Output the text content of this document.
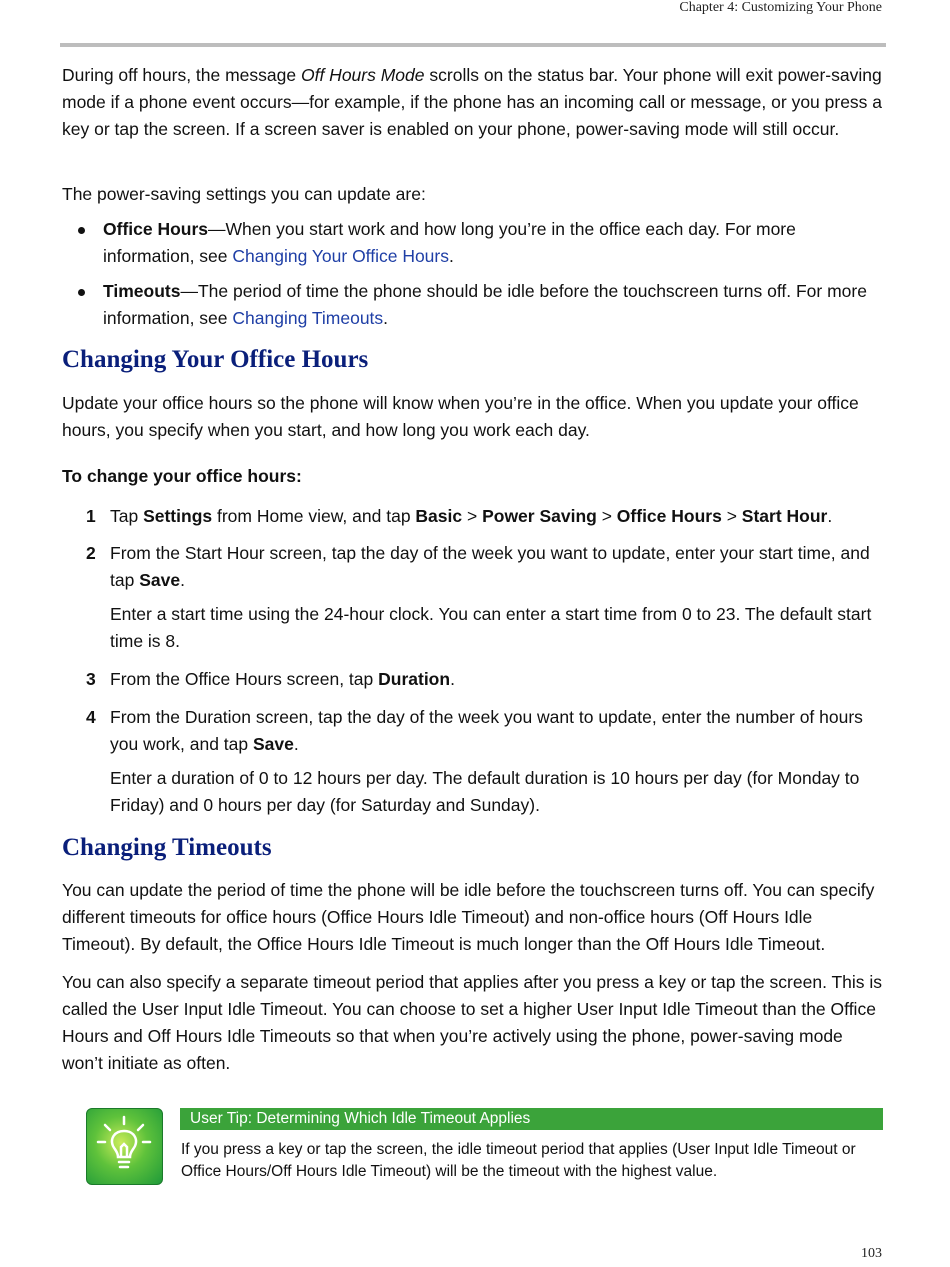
Chapter 4: Customizing Your Phone

During off hours, the message Off Hours Mode scrolls on the status bar. Your phone will exit power-saving mode if a phone event occurs—for example, if the phone has an incoming call or message, or you press a key or tap the screen. If a screen saver is enabled on your phone, power-saving mode will still occur.

The power-saving settings you can update are:
Office Hours—When you start work and how long you’re in the office each day. For more information, see Changing Your Office Hours.
Timeouts—The period of time the phone should be idle before the touchscreen turns off. For more information, see Changing Timeouts.
Changing Your Office Hours
Update your office hours so the phone will know when you’re in the office. When you update your office hours, you specify when you start, and how long you work each day.
To change your office hours:
1 Tap Settings from Home view, and tap Basic > Power Saving > Office Hours > Start Hour.
2 From the Start Hour screen, tap the day of the week you want to update, enter your start time, and tap Save.
Enter a start time using the 24-hour clock. You can enter a start time from 0 to 23. The default start time is 8.
3 From the Office Hours screen, tap Duration.
4 From the Duration screen, tap the day of the week you want to update, enter the number of hours you work, and tap Save.
Enter a duration of 0 to 12 hours per day. The default duration is 10 hours per day (for Monday to Friday) and 0 hours per day (for Saturday and Sunday).
Changing Timeouts
You can update the period of time the phone will be idle before the touchscreen turns off. You can specify different timeouts for office hours (Office Hours Idle Timeout) and non-office hours (Off Hours Idle Timeout). By default, the Office Hours Idle Timeout is much longer than the Off Hours Idle Timeout.
You can also specify a separate timeout period that applies after you press a key or tap the screen. This is called the User Input Idle Timeout. You can choose to set a higher User Input Idle Timeout than the Office Hours and Off Hours Idle Timeouts so that when you’re actively using the phone, power-saving mode won’t initiate as often.
User Tip: Determining Which Idle Timeout Applies
If you press a key or tap the screen, the idle timeout period that applies (User Input Idle Timeout or Office Hours/Off Hours Idle Timeout) will be the timeout with the highest value.
103
